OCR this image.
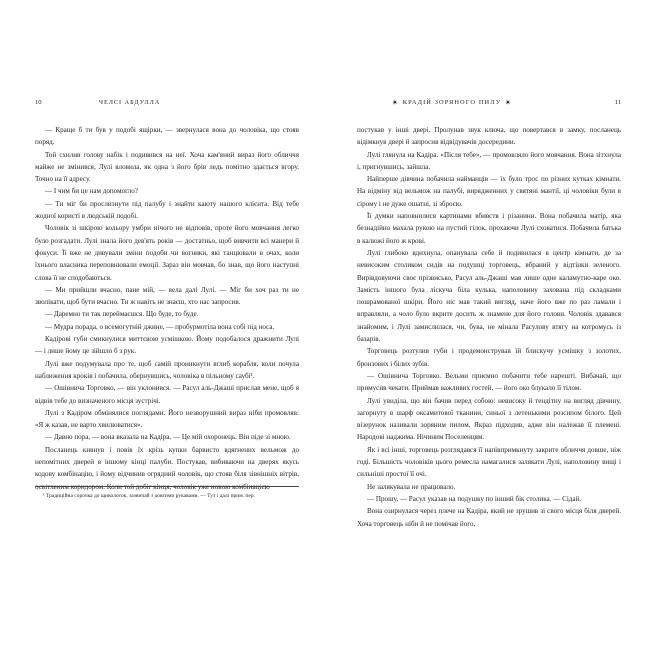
10	ЧЕЛСІ АБДУЛЛА

— Краще б ти був у подобі ящірки, — звернулася вона до чоловіка, що стояв поряд.

Той схилив голову набік і подивився на неї. Хоча кам'яний вираз його обличчя майже не змінився, Лулі вловила, як одна з його брів ледь помітно здається вгору. Точно на її адресу.

— І чим би це нам допомогло?

— Ти міг би прослизнути під палубу і знайти каюту нашого клієнта. Від тебе жодної користі в людській подобі.

Чоловік зі шкірою кольору умбри нічого не відповів, проте його мовчання легко було розгадати. Лулі знала його дев'ять років — достатньо, щоб вивчити всі манери й фокуси. Її вже не дивували зміни подоби чи вогники, які танцювали в очах, коли їхнього власника переповнювали емоції. Зараз він мовчав, бо знав, що його наступні слова її не сподобаються.

— Ми прийшли вчасно, пане мій, — вела далі Лулі. — Міг би хоч раз ти не зволікати, щоб бути вчасно. Ти ж навіть не знаєш, хто нас запросив.

— Даремно ти так переймаєшся. Що буде, то буде.

— Мудра порада, о всемогутній джине, — пробурмотіла вона собі під носа.

Кадірові губи смикнулися миттєвою усмішкою. Йому подобалося дражнити Лулі — і лише йому це зійшло б з рук.

Лулі вже подумувала про те, щоб самій проникнути вглиб корабля, коли почула наближення кроків і побачила, обернувшись, чоловіка в пільному саубі¹.

— Ошівнича Торговко, — він уклонився. — Расул аль-Джаші прислав мене, щоб я відвів тебе до визначеного місця зустрічі.

Лулі з Кадіром обмінялися поглядами. Його незворушний вираз ніби промовляв: «Я ж казав, не варто хвилюватися».

— Давно пора, — вона вказала на Кадіра. — Це мій охоронець. Він піде зі мною.

Посланець кивнув і повів їх крізь купки барвисто вдягнених вельмож до непомітних дверей в іншому кінці палуби. Постукав, вибиваючи на дверях якусь кодову комбінацію, і йому відчинив огрядний чоловік, що стояв біля зівнішніх вітрів, освітленим коридором. Коли той добіг кінця, чоловік уже новою комбінацією

¹ Традиційна сорочка до щиколоток, зазвичай з довгими рукавами. — Тут і далі прим. пер.

✴ КРАДІЙ ЗОРЯНОГО ПИЛУ ✴	11

постукав у інші двері. Пролунав звук ключа, що повертався в замку, посланець відімкнув двері й запросив відвідувачів досередини.

Лулі глянула на Кадіра. «Після тебе», — промовляло його мовчання. Вона зітхнула і, пригнувшись, зайшла.

Найперше дівчина побачила найманців — їх було трос по різних кутках кімнати. На відміну від вельмож на палубі, вирядженних у святяні мантії, ці чоловіки були в сірому і не дуже ошатні, зі зброєю.

Її думки наповнилися картинами вбивств і різанини. Вона побачила матір, яка безнадійно махала рукою на пустий гілок, прохаючи Лулі сховатися. Побачила батька в калюжі його ж крові.

Лулі глибоко вдихнула, опанувала себе й подивилася в центр кімнати, де за невисоким столиком сидів на подушці торговець, вбраний у відтінки зеленого. Вирівдовуючи своє прізвисько, Расул аль-Джаші мав лише одне каламутно-каре око. Замість іншого була ліскуча біла кулька, наполовину захована під складками пошрамованої шкіри. Його ніс мав такий вигляд, наче його вже по раз ламали і вправляли, а чоло було вкрите досить ж знамене для його голови. Чоловік здавався знайомим, і Лулі замислилася, чи, бува, не мінала Расулову втягу на котромусь із базарів.

Торговець розтулив губи і продемонстрував їй блискучу усмішку з золотих, бронзових і білих зубів.

— Ошівнича Торговко. Вельми приємно побачити тебе нарешті. Вибачай, що примусив чекати. Приймав важливих гостей, — його око блукало її тілом.

Лулі увиділа, що він бачив перед собою: невисоку й тендітну на вигляд дівчину, загорнуту в шарф оксамитової тканини, синьої з летенькими розсипом білого. Цей візерунок називали зоряним пилом. Якраз підходив, адже він належав її племені. Народові наджима. Нічиним Поселенцям.

Як і всі інші, торговець розглядався її напівпримкнуту закрите обличчя довше, ніж годі. Більшість чоловіків цього ремесла намагалися залякати Лулі, наполовину вищі і сильніші простої її очі.

Не залякувала не працювало.

— Прошу, — Расул указав на подушку по інший бік столика. — Сідай.

Вона озирнулася через плече на Кадіра, який не зрушив зі свого місця біля дверей. Хоча торговець ніби й не помічав його,
